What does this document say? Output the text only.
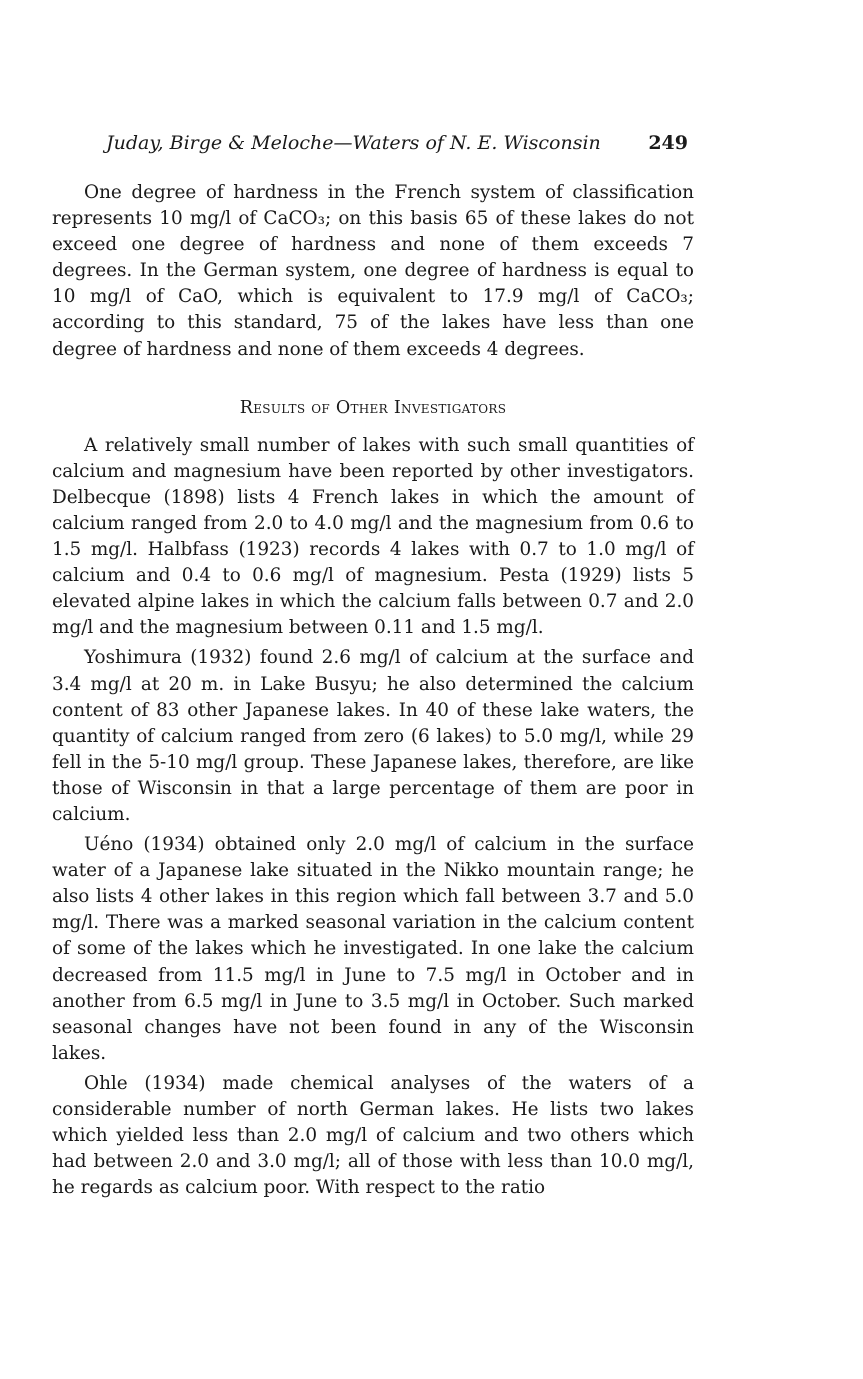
Juday, Birge & Meloche—Waters of N. E. Wisconsin	249

One degree of hardness in the French system of classification represents 10 mg/l of CaCO₃; on this basis 65 of these lakes do not exceed one degree of hardness and none of them exceeds 7 degrees. In the German system, one degree of hardness is equal to 10 mg/l of CaO, which is equivalent to 17.9 mg/l of CaCO₃; according to this standard, 75 of the lakes have less than one degree of hardness and none of them exceeds 4 degrees.

Results of Other Investigators

A relatively small number of lakes with such small quantities of calcium and magnesium have been reported by other investigators. Delbecque (1898) lists 4 French lakes in which the amount of calcium ranged from 2.0 to 4.0 mg/l and the magnesium from 0.6 to 1.5 mg/l. Halbfass (1923) records 4 lakes with 0.7 to 1.0 mg/l of calcium and 0.4 to 0.6 mg/l of magnesium. Pesta (1929) lists 5 elevated alpine lakes in which the calcium falls between 0.7 and 2.0 mg/l and the magnesium between 0.11 and 1.5 mg/l.

Yoshimura (1932) found 2.6 mg/l of calcium at the surface and 3.4 mg/l at 20 m. in Lake Busyu; he also determined the calcium content of 83 other Japanese lakes. In 40 of these lake waters, the quantity of calcium ranged from zero (6 lakes) to 5.0 mg/l, while 29 fell in the 5-10 mg/l group. These Japanese lakes, therefore, are like those of Wisconsin in that a large percentage of them are poor in calcium.

Uéno (1934) obtained only 2.0 mg/l of calcium in the surface water of a Japanese lake situated in the Nikko mountain range; he also lists 4 other lakes in this region which fall between 3.7 and 5.0 mg/l. There was a marked seasonal variation in the calcium content of some of the lakes which he investigated. In one lake the calcium decreased from 11.5 mg/l in June to 7.5 mg/l in October and in another from 6.5 mg/l in June to 3.5 mg/l in October. Such marked seasonal changes have not been found in any of the Wisconsin lakes.

Ohle (1934) made chemical analyses of the waters of a considerable number of north German lakes. He lists two lakes which yielded less than 2.0 mg/l of calcium and two others which had between 2.0 and 3.0 mg/l; all of those with less than 10.0 mg/l, he regards as calcium poor. With respect to the ratio
